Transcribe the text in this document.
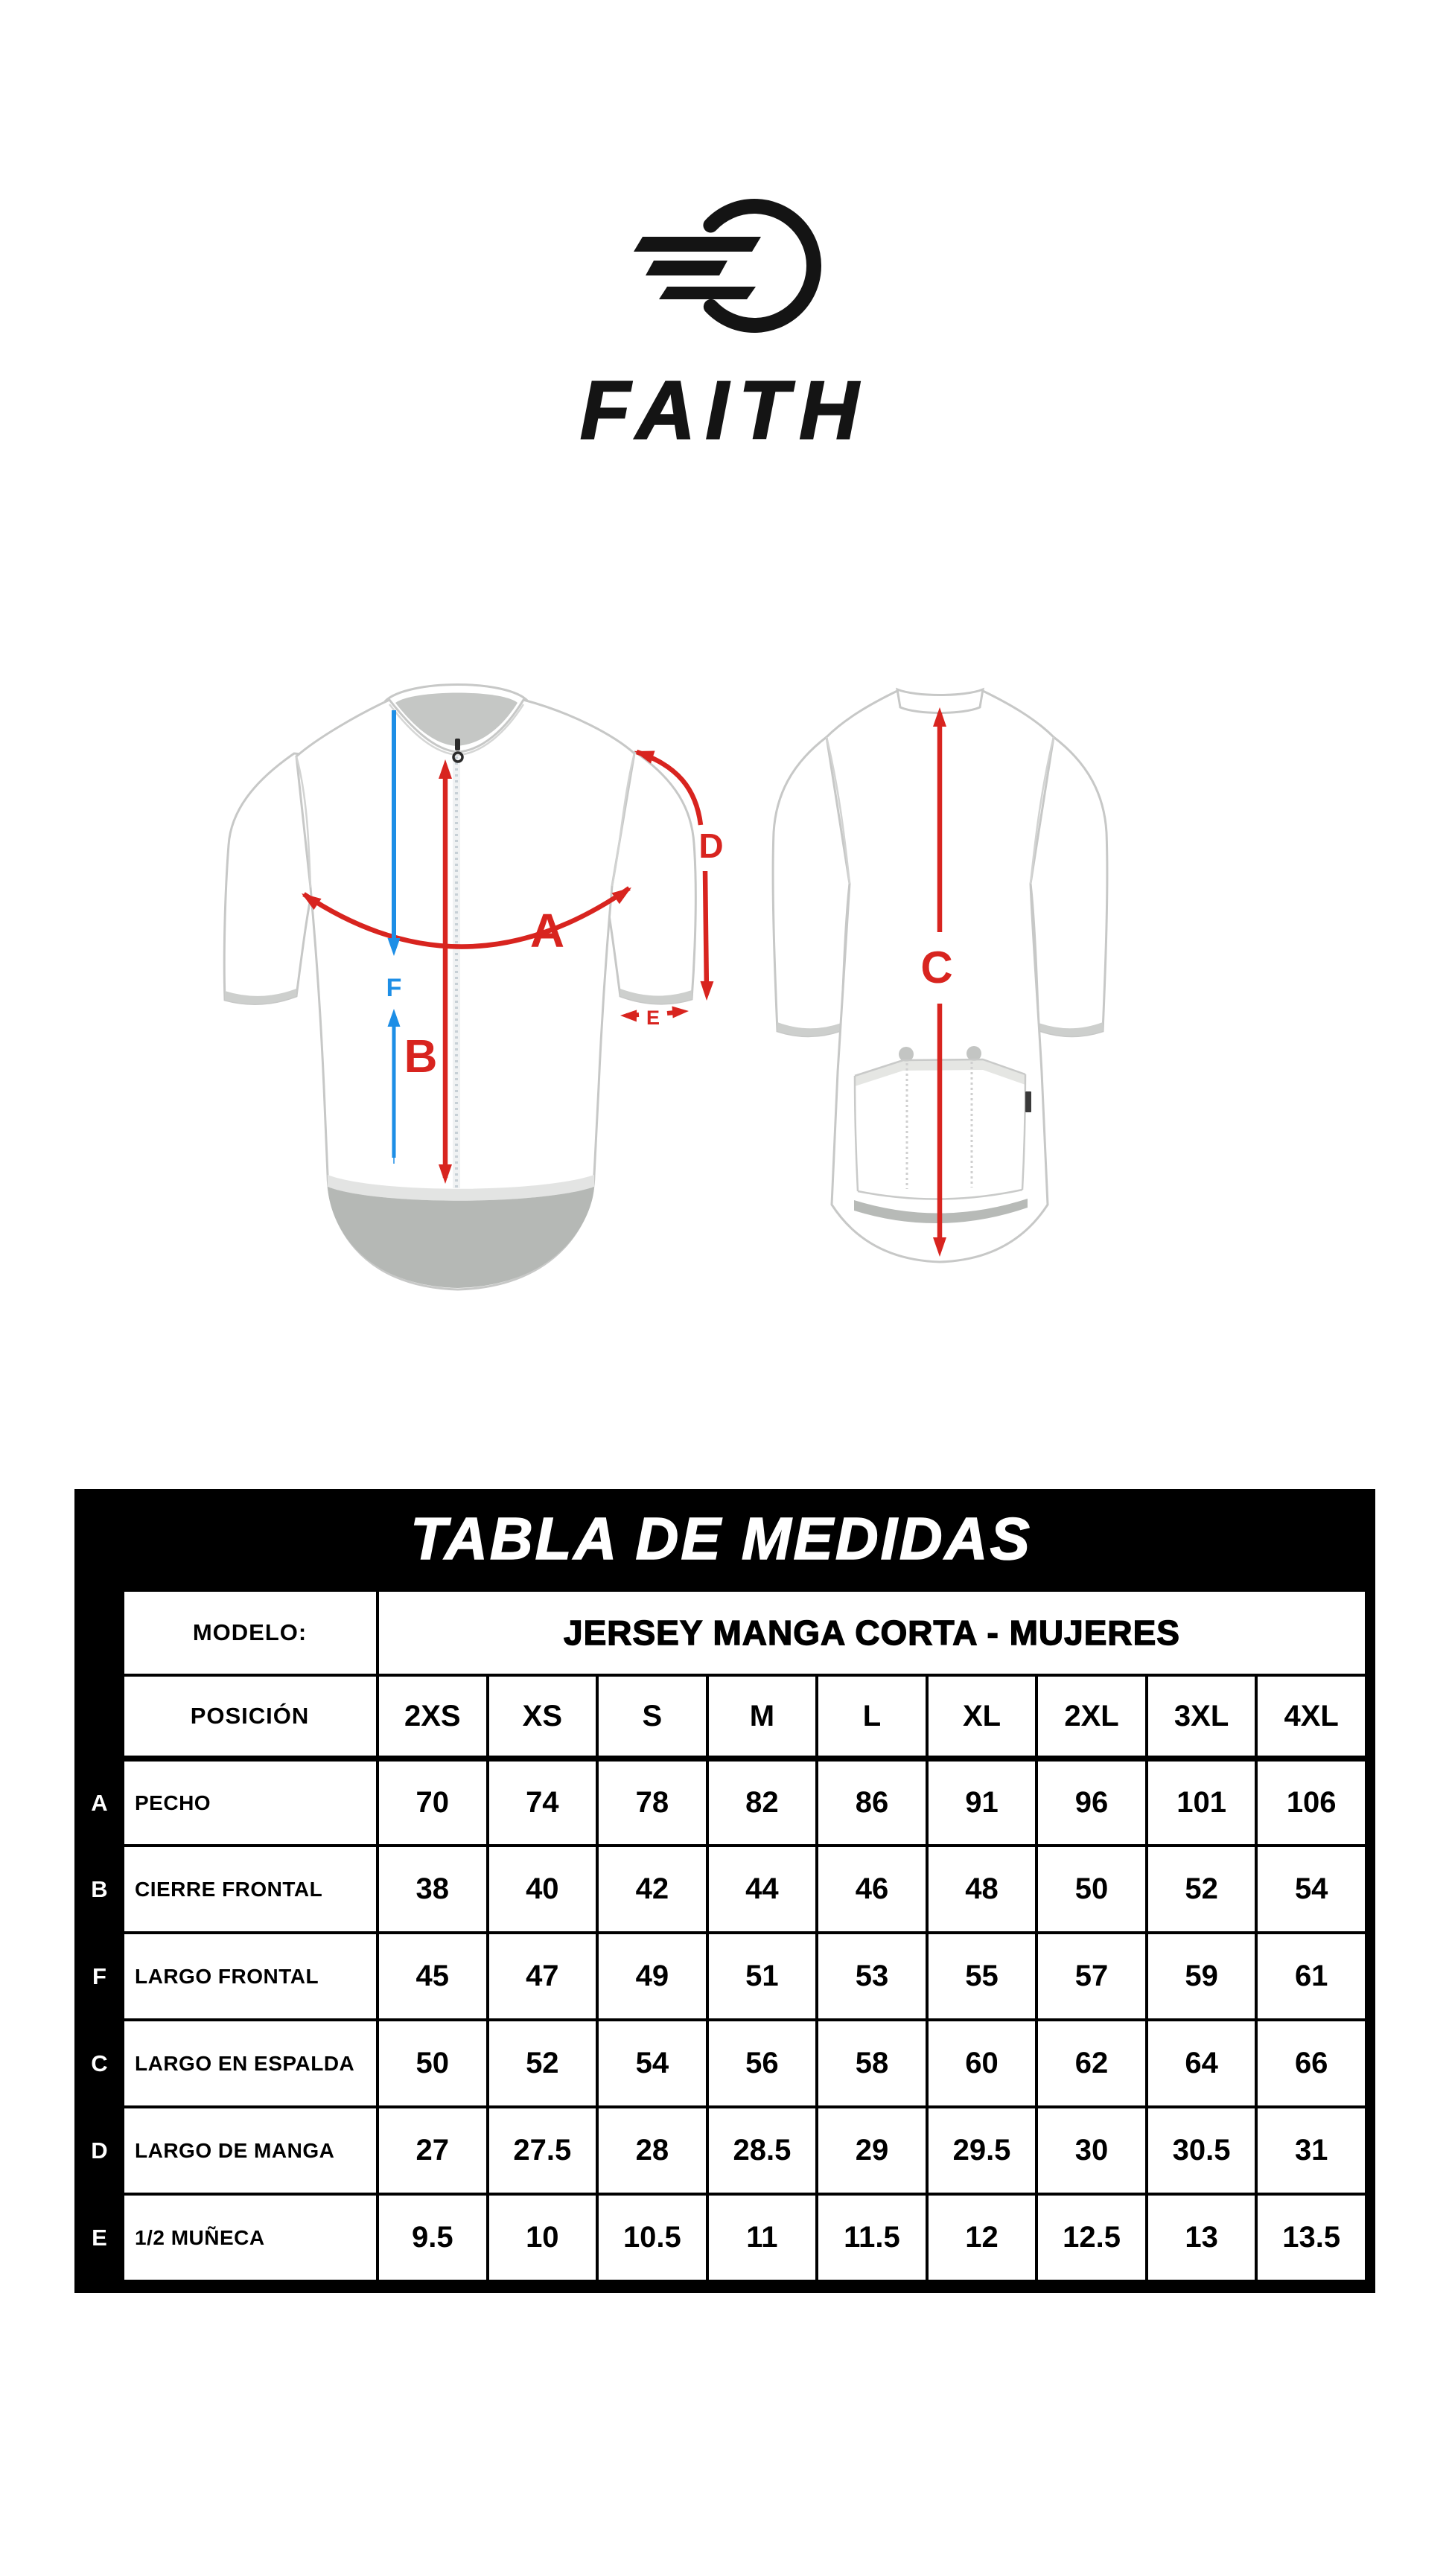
FAITH
A
B
F
D
E
C
TABLA DE MEDIDAS
	MODELO:	JERSEY MANGA CORTA - MUJERES								
	POSICIÓN	2XS	XS	S	M	L	XL	2XL	3XL	4XL
A	PECHO	70	74	78	82	86	91	96	101	106
B	CIERRE FRONTAL	38	40	42	44	46	48	50	52	54
F	LARGO FRONTAL	45	47	49	51	53	55	57	59	61
C	LARGO EN ESPALDA	50	52	54	56	58	60	62	64	66
D	LARGO DE MANGA	27	27.5	28	28.5	29	29.5	30	30.5	31
E	1/2 MUÑECA	9.5	10	10.5	11	11.5	12	12.5	13	13.5
